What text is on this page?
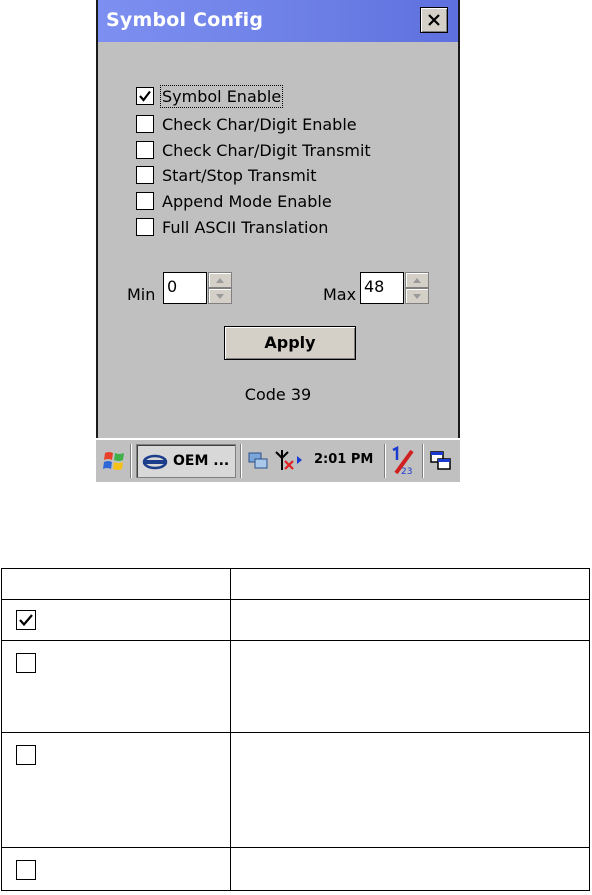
Symbol Config
Symbol Enable
Check Char/Digit Enable
Check Char/Digit Transmit
Start/Stop Transmit
Append Mode Enable
Full ASCII Translation
Min 0	Max 48
Apply
Code 39
OEM ...	2:01 PM
23
